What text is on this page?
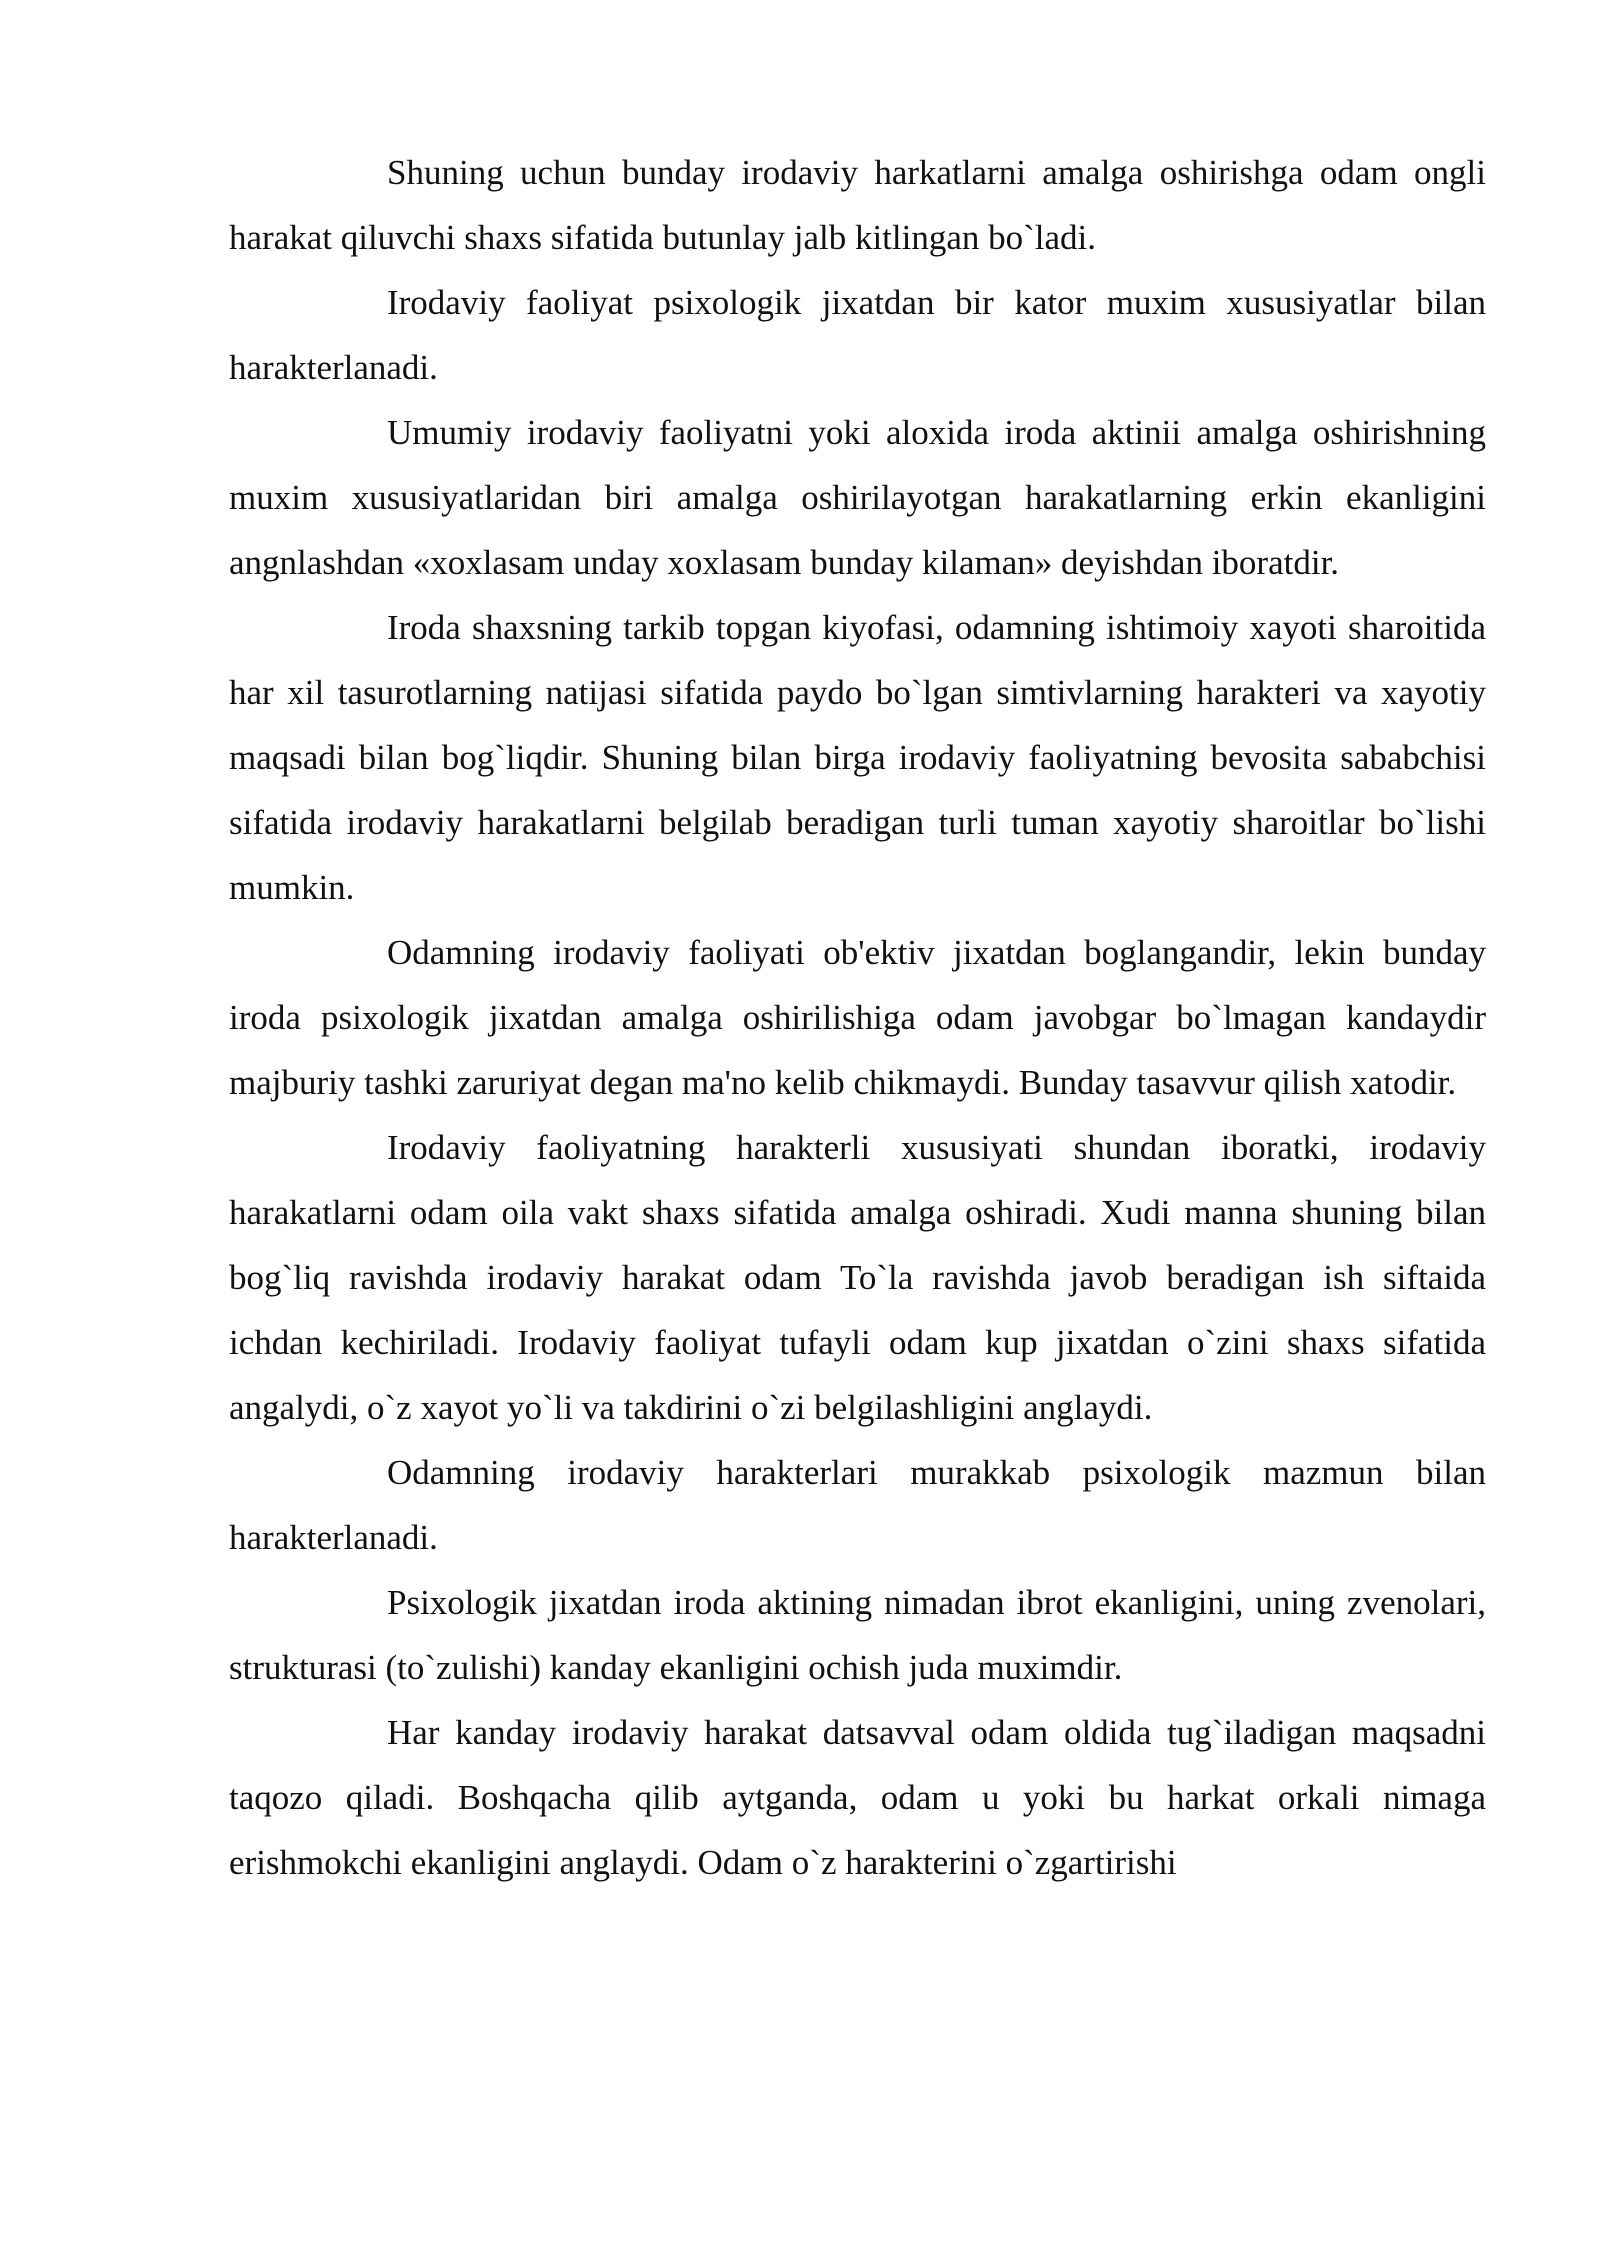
Shuning uchun bunday irodaviy harkatlarni amalga oshirishga odam ongli harakat qiluvchi shaxs sifatida butunlay jalb kitlingan bo`ladi.

Irodaviy faoliyat psixologik jixatdan bir kator muxim xususiyatlar bilan harakterlanadi.

Umumiy irodaviy faoliyatni yoki aloxida iroda aktinii amalga oshirishning muxim xususiyatlaridan biri amalga oshirilayotgan harakatlarning erkin ekanligini angnlashdan «xoxlasam unday xoxlasam bunday kilaman» deyishdan iboratdir.

Iroda shaxsning tarkib topgan kiyofasi, odamning ishtimoiy xayoti sharoitida har xil tasurotlarning natijasi sifatida paydo bo`lgan simtivlarning harakteri va xayotiy maqsadi bilan bog`liqdir. Shuning bilan birga irodaviy faoliyatning bevosita sababchisi sifatida irodaviy harakatlarni belgilab beradigan turli tuman xayotiy sharoitlar bo`lishi mumkin.

Odamning irodaviy faoliyati ob'ektiv jixatdan boglangandir, lekin bunday iroda psixologik jixatdan amalga oshirilishiga odam javobgar bo`lmagan kandaydir majburiy tashki zaruriyat degan ma'no kelib chikmaydi. Bunday tasavvur qilish xatodir.

Irodaviy faoliyatning harakterli xususiyati shundan iboratki, irodaviy harakatlarni odam oila vakt shaxs sifatida amalga oshiradi. Xudi manna shuning bilan bog`liq ravishda irodaviy harakat odam To`la ravishda javob beradigan ish siftaida ichdan kechiriladi. Irodaviy faoliyat tufayli odam kup jixatdan o`zini shaxs sifatida angalydi, o`z xayot yo`li va takdirini o`zi belgilashligini anglaydi.

Odamning irodaviy harakterlari murakkab psixologik mazmun bilan harakterlanadi.

Psixologik jixatdan iroda aktining nimadan ibrot ekanligini, uning zvenolari, strukturasi (to`zulishi) kanday ekanligini ochish juda muximdir.

Har kanday irodaviy harakat datsavval odam oldida tug`iladigan maqsadni taqozo qiladi. Boshqacha qilib aytganda, odam u yoki bu harkat orkali nimaga erishmokchi ekanligini anglaydi. Odam o`z harakterini o`zgartirishi
